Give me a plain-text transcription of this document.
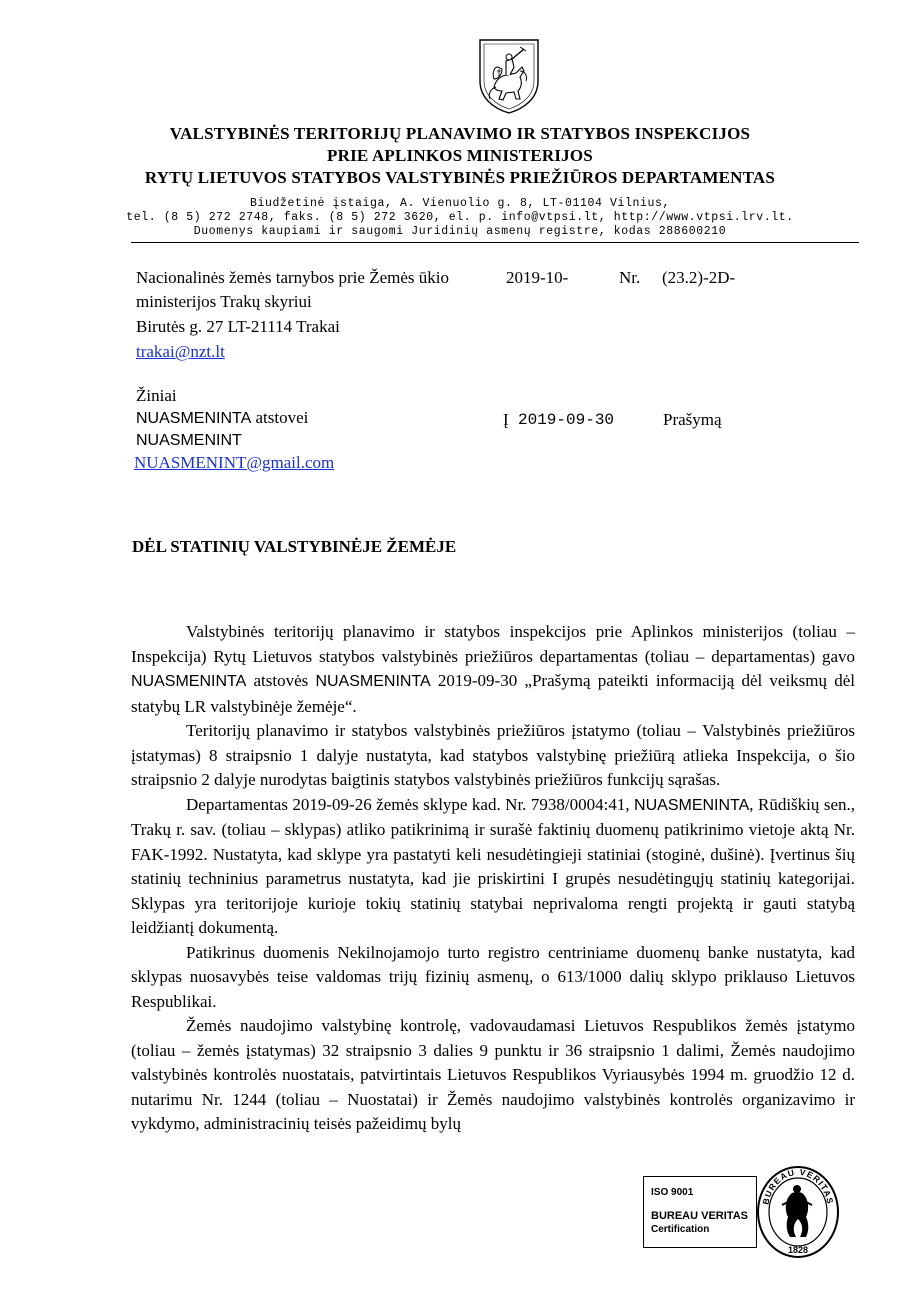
VALSTYBINĖS TERITORIJŲ PLANAVIMO IR STATYBOS INSPEKCIJOS
PRIE APLINKOS MINISTERIJOS
RYTŲ LIETUVOS STATYBOS VALSTYBINĖS PRIEŽIŪROS DEPARTAMENTAS
Biudžetinė įstaiga, A. Vienuolio g. 8, LT-01104 Vilnius,
tel. (8 5) 272 2748, faks. (8 5) 272 3620, el. p. info@vtpsi.lt, http://www.vtpsi.lrv.lt.
Duomenys kaupiami ir saugomi Juridinių asmenų registre, kodas 288600210
Nacionalinės žemės tarnybos prie Žemės ūkio
ministerijos Trakų skyriui
Birutės g. 27 LT-21114 Trakai
trakai@nzt.lt
2019-10-	Nr. (23.2)-2D-
Žiniai
NUASMENINTA atstovei
NUASMENINT
NUASMENINT@gmail.com
Į 2019-09-30	Prašymą
DĖL STATINIŲ VALSTYBINĖJE ŽEMĖJE

Valstybinės teritorijų planavimo ir statybos inspekcijos prie Aplinkos ministerijos (toliau – Inspekcija) Rytų Lietuvos statybos valstybinės priežiūros departamentas (toliau – departamentas) gavo NUASMENINTA atstovės NUASMENINTA 2019-09-30 „Prašymą pateikti informaciją dėl veiksmų dėl statybų LR valstybinėje žemėje“.

Teritorijų planavimo ir statybos valstybinės priežiūros įstatymo (toliau – Valstybinės priežiūros įstatymas) 8 straipsnio 1 dalyje nustatyta, kad statybos valstybinę priežiūrą atlieka Inspekcija, o šio straipsnio 2 dalyje nurodytas baigtinis statybos valstybinės priežiūros funkcijų sąrašas.

Departamentas 2019-09-26 žemės sklype kad. Nr. 7938/0004:41, NUASMENINTA, Rūdiškių sen., Trakų r. sav. (toliau – sklypas) atliko patikrinimą ir surašė faktinių duomenų patikrinimo vietoje aktą Nr. FAK-1992. Nustatyta, kad sklype yra pastatyti keli nesudėtingieji statiniai (stoginė, dušinė). Įvertinus šių statinių techninius parametrus nustatyta, kad jie priskirtini I grupės nesudėtingųjų statinių kategorijai. Sklypas yra teritorijoje kurioje tokių statinių statybai neprivaloma rengti projektą ir gauti statybą leidžiantį dokumentą.

Patikrinus duomenis Nekilnojamojo turto registro centriniame duomenų banke nustatyta, kad sklypas nuosavybės teise valdomas trijų fizinių asmenų, o 613/1000 dalių sklypo priklauso Lietuvos Respublikai.

Žemės naudojimo valstybinę kontrolę, vadovaudamasi Lietuvos Respublikos žemės įstatymo (toliau – žemės įstatymas) 32 straipsnio 3 dalies 9 punktu ir 36 straipsnio 1 dalimi, Žemės naudojimo valstybinės kontrolės nuostatais, patvirtintais Lietuvos Respublikos Vyriausybės 1994 m. gruodžio 12 d. nutarimu Nr. 1244 (toliau – Nuostatai) ir Žemės naudojimo valstybinės kontrolės organizavimo ir vykdymo, administracinių teisės pažeidimų bylų

ISO 9001
BUREAU VERITAS
Certification
BUREAU VERITAS
1828
